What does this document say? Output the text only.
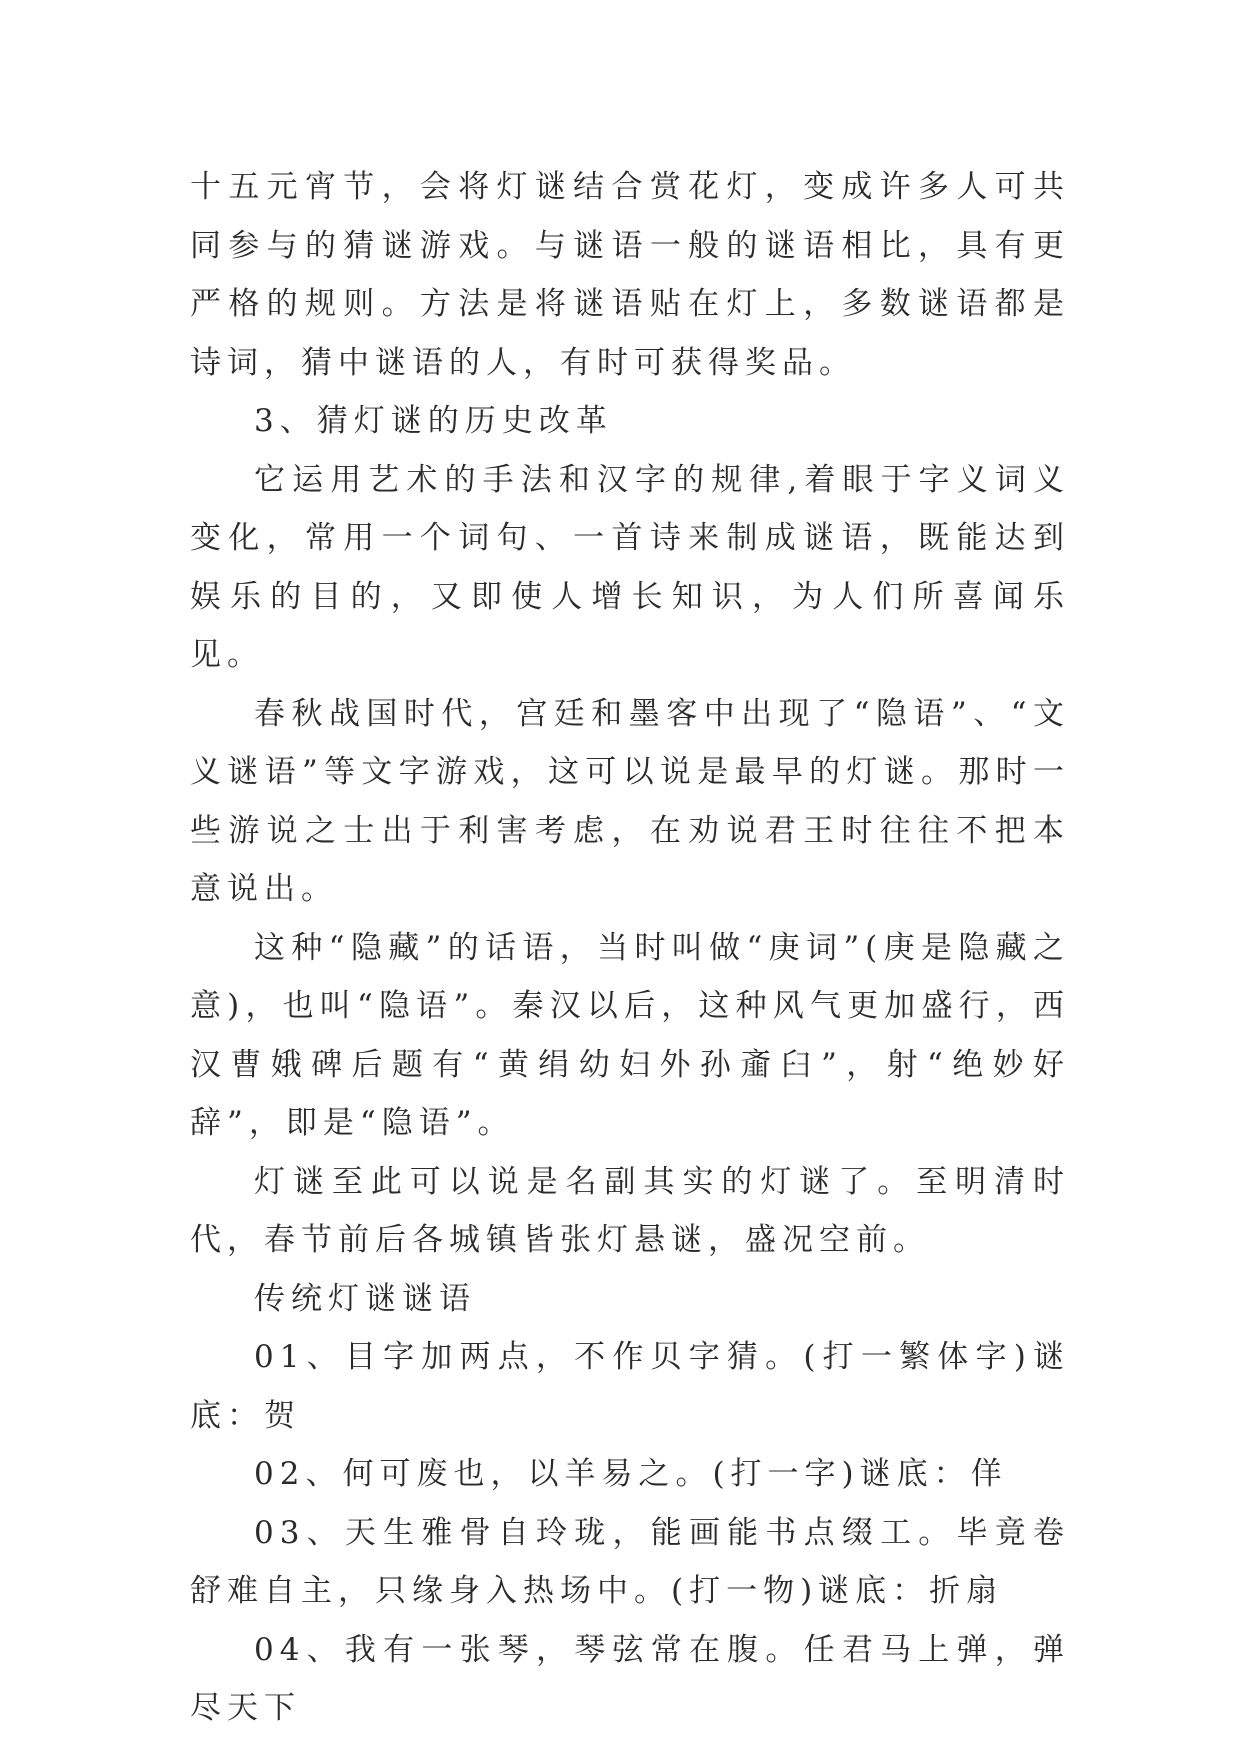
十五元宵节，会将灯谜结合赏花灯，变成许多人可共同参与的猜谜游戏。与谜语一般的谜语相比，具有更严格的规则。方法是将谜语贴在灯上，多数谜语都是诗词，猜中谜语的人，有时可获得奖品。

3、猜灯谜的历史改革

它运用艺术的手法和汉字的规律,着眼于字义词义变化，常用一个词句、一首诗来制成谜语，既能达到娱乐的目的，又即使人增长知识，为人们所喜闻乐见。

春秋战国时代，宫廷和墨客中出现了“隐语”、“文义谜语”等文字游戏，这可以说是最早的灯谜。那时一些游说之士出于利害考虑，在劝说君王时往往不把本意说出。

这种“隐藏”的话语，当时叫做“庚词”(庚是隐藏之意)，也叫“隐语”。秦汉以后，这种风气更加盛行，西汉曹娥碑后题有“黄绢幼妇外孙齑臼”，射“绝妙好辞”，即是“隐语”。

灯谜至此可以说是名副其实的灯谜了。至明清时代，春节前后各城镇皆张灯悬谜，盛况空前。

传统灯谜谜语

01、目字加两点，不作贝字猜。(打一繁体字)谜底：贺

02、何可废也，以羊易之。(打一字)谜底：佯

03、天生雅骨自玲珑，能画能书点缀工。毕竟卷舒难自主，只缘身入热场中。(打一物)谜底：折扇

04、我有一张琴，琴弦常在腹。任君马上弹，弹尽天下
